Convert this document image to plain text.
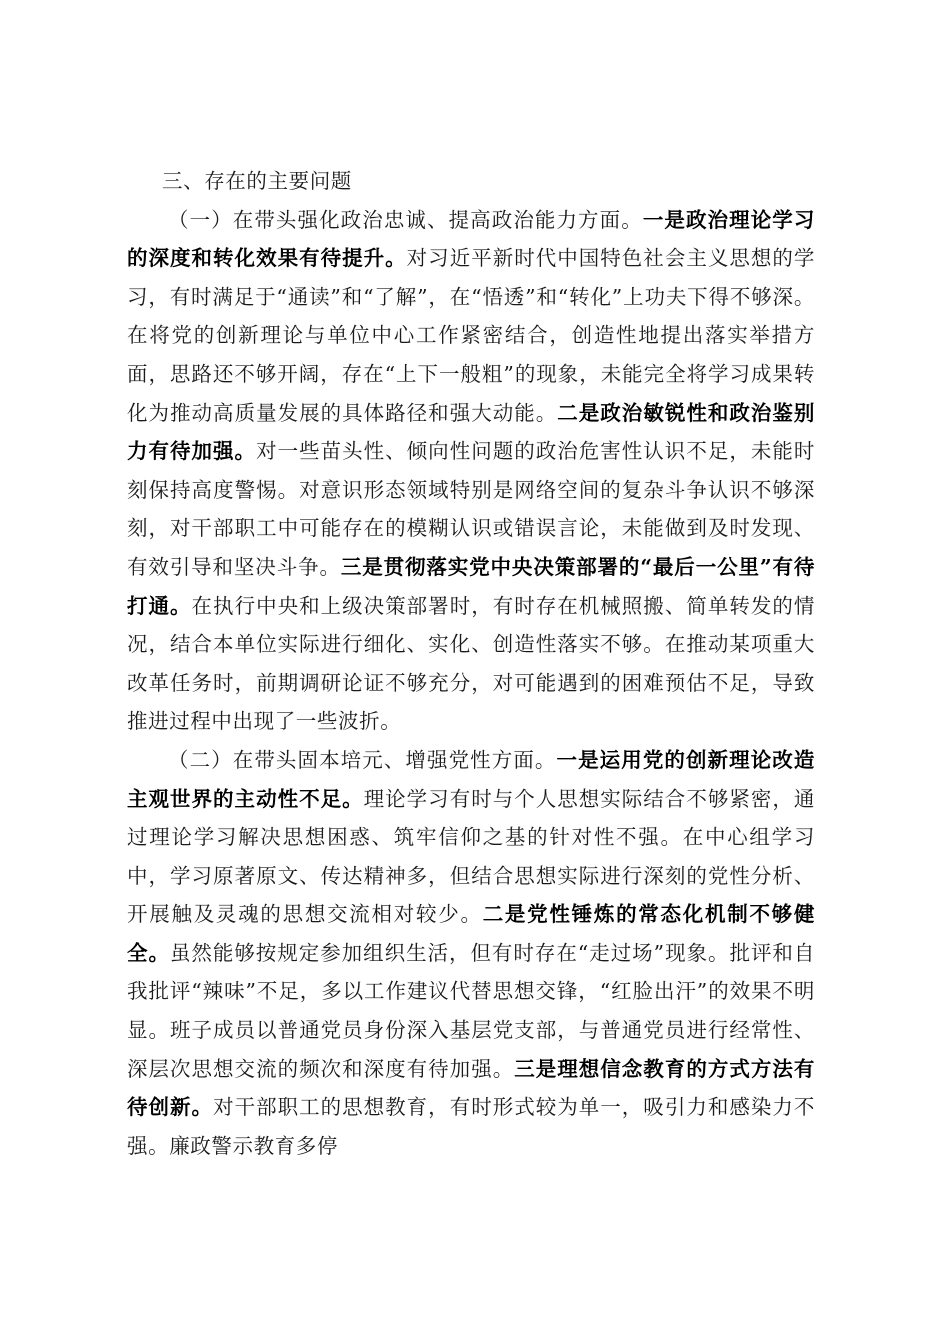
三、存在的主要问题

（一）在带头强化政治忠诚、提高政治能力方面。一是政治理论学习的深度和转化效果有待提升。对习近平新时代中国特色社会主义思想的学习，有时满足于“通读”和“了解”，在“悟透”和“转化”上功夫下得不够深。在将党的创新理论与单位中心工作紧密结合，创造性地提出落实举措方面，思路还不够开阔，存在“上下一般粗”的现象，未能完全将学习成果转化为推动高质量发展的具体路径和强大动能。二是政治敏锐性和政治鉴别力有待加强。对一些苗头性、倾向性问题的政治危害性认识不足，未能时刻保持高度警惕。对意识形态领域特别是网络空间的复杂斗争认识不够深刻，对干部职工中可能存在的模糊认识或错误言论，未能做到及时发现、有效引导和坚决斗争。三是贯彻落实党中央决策部署的“最后一公里”有待打通。在执行中央和上级决策部署时，有时存在机械照搬、简单转发的情况，结合本单位实际进行细化、实化、创造性落实不够。在推动某项重大改革任务时，前期调研论证不够充分，对可能遇到的困难预估不足，导致推进过程中出现了一些波折。

（二）在带头固本培元、增强党性方面。一是运用党的创新理论改造主观世界的主动性不足。理论学习有时与个人思想实际结合不够紧密，通过理论学习解决思想困惑、筑牢信仰之基的针对性不强。在中心组学习中，学习原著原文、传达精神多，但结合思想实际进行深刻的党性分析、开展触及灵魂的思想交流相对较少。二是党性锤炼的常态化机制不够健全。虽然能够按规定参加组织生活，但有时存在“走过场”现象。批评和自我批评“辣味”不足，多以工作建议代替思想交锋，“红脸出汗”的效果不明显。班子成员以普通党员身份深入基层党支部，与普通党员进行经常性、深层次思想交流的频次和深度有待加强。三是理想信念教育的方式方法有待创新。对干部职工的思想教育，有时形式较为单一，吸引力和感染力不强。廉政警示教育多停
